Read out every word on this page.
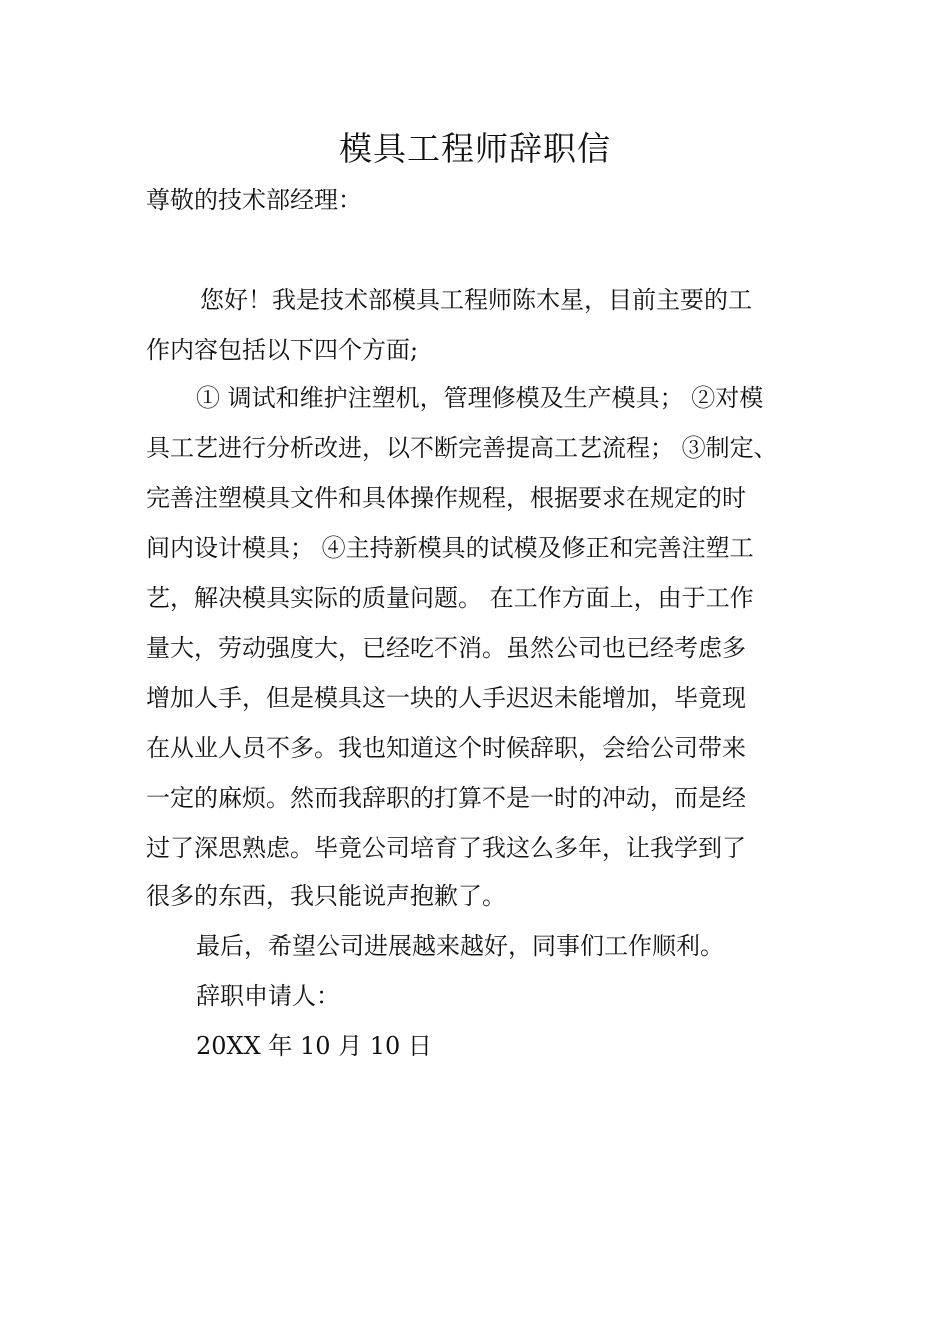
模具工程师辞职信
尊敬的技术部经理：
您好！我是技术部模具工程师陈木星，目前主要的工
作内容包括以下四个方面;
① 调试和维护注塑机，管理修模及生产模具； ②对模
具工艺进行分析改进，以不断完善提高工艺流程； ③制定、
完善注塑模具文件和具体操作规程，根据要求在规定的时
间内设计模具； ④主持新模具的试模及修正和完善注塑工
艺，解决模具实际的质量问题。 在工作方面上，由于工作
量大，劳动强度大，已经吃不消。虽然公司也已经考虑多
增加人手，但是模具这一块的人手迟迟未能增加，毕竟现
在从业人员不多。我也知道这个时候辞职，会给公司带来
一定的麻烦。然而我辞职的打算不是一时的冲动，而是经
过了深思熟虑。毕竟公司培育了我这么多年，让我学到了
很多的东西，我只能说声抱歉了。
最后，希望公司进展越来越好，同事们工作顺利。
辞职申请人：
20XX 年 10 月 10 日
